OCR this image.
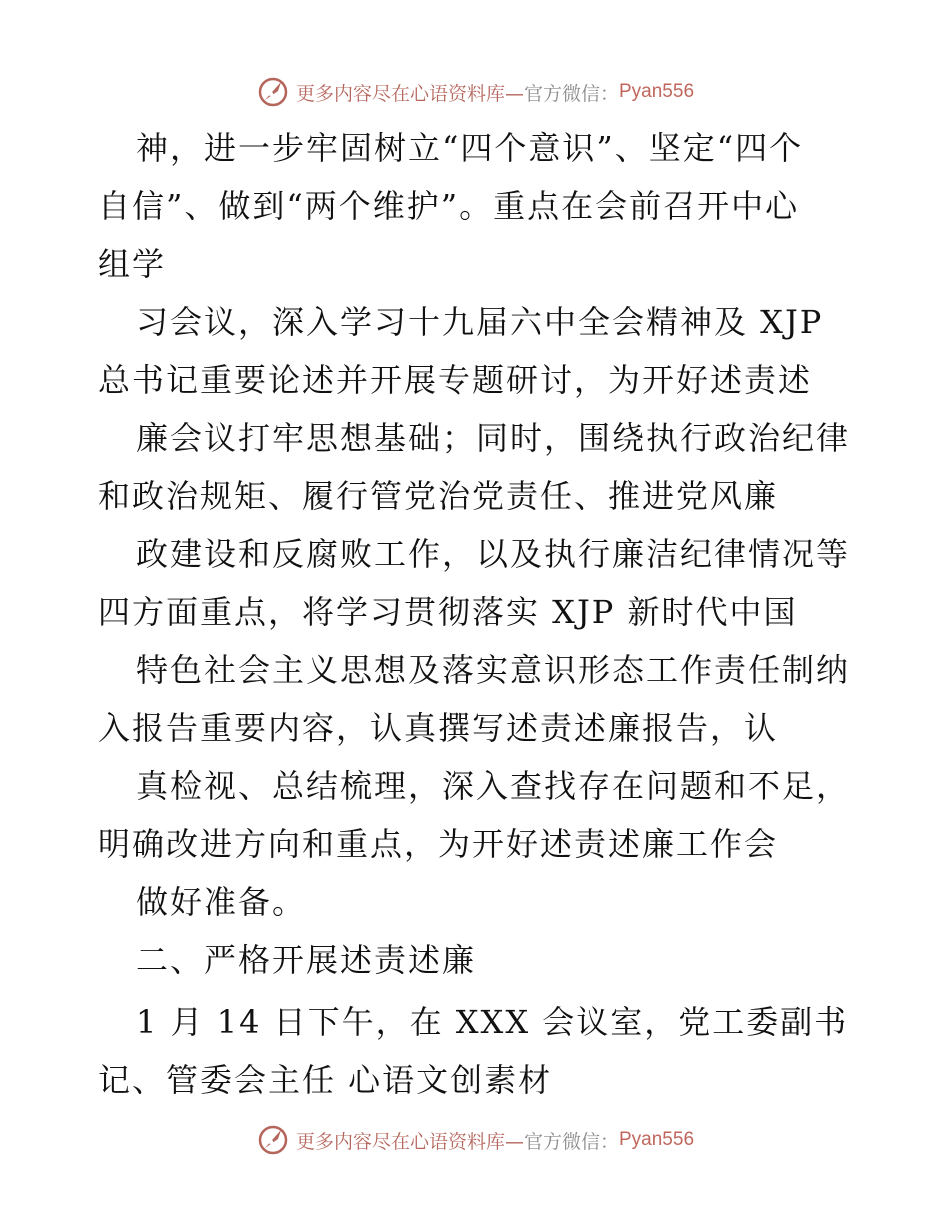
更多内容尽在心语资料库— 官方微信： Pyan556
神，进一步牢固树立“四个意识”、坚定“四个
自信”、做到“两个维护”。重点在会前召开中心
组学
习会议，深入学习十九届六中全会精神及 XJP
总书记重要论述并开展专题研讨，为开好述责述
廉会议打牢思想基础；同时，围绕执行政治纪律
和政治规矩、履行管党治党责任、推进党风廉
政建设和反腐败工作，以及执行廉洁纪律情况等
四方面重点，将学习贯彻落实 XJP 新时代中国
特色社会主义思想及落实意识形态工作责任制纳
入报告重要内容，认真撰写述责述廉报告，认
真检视、总结梳理，深入查找存在问题和不足，
明确改进方向和重点，为开好述责述廉工作会
做好准备。
二、严格开展述责述廉
1 月 14 日下午，在 XXX 会议室，党工委副书
记、管委会主任 心语文创素材
更多内容尽在心语资料库— 官方微信： Pyan556
